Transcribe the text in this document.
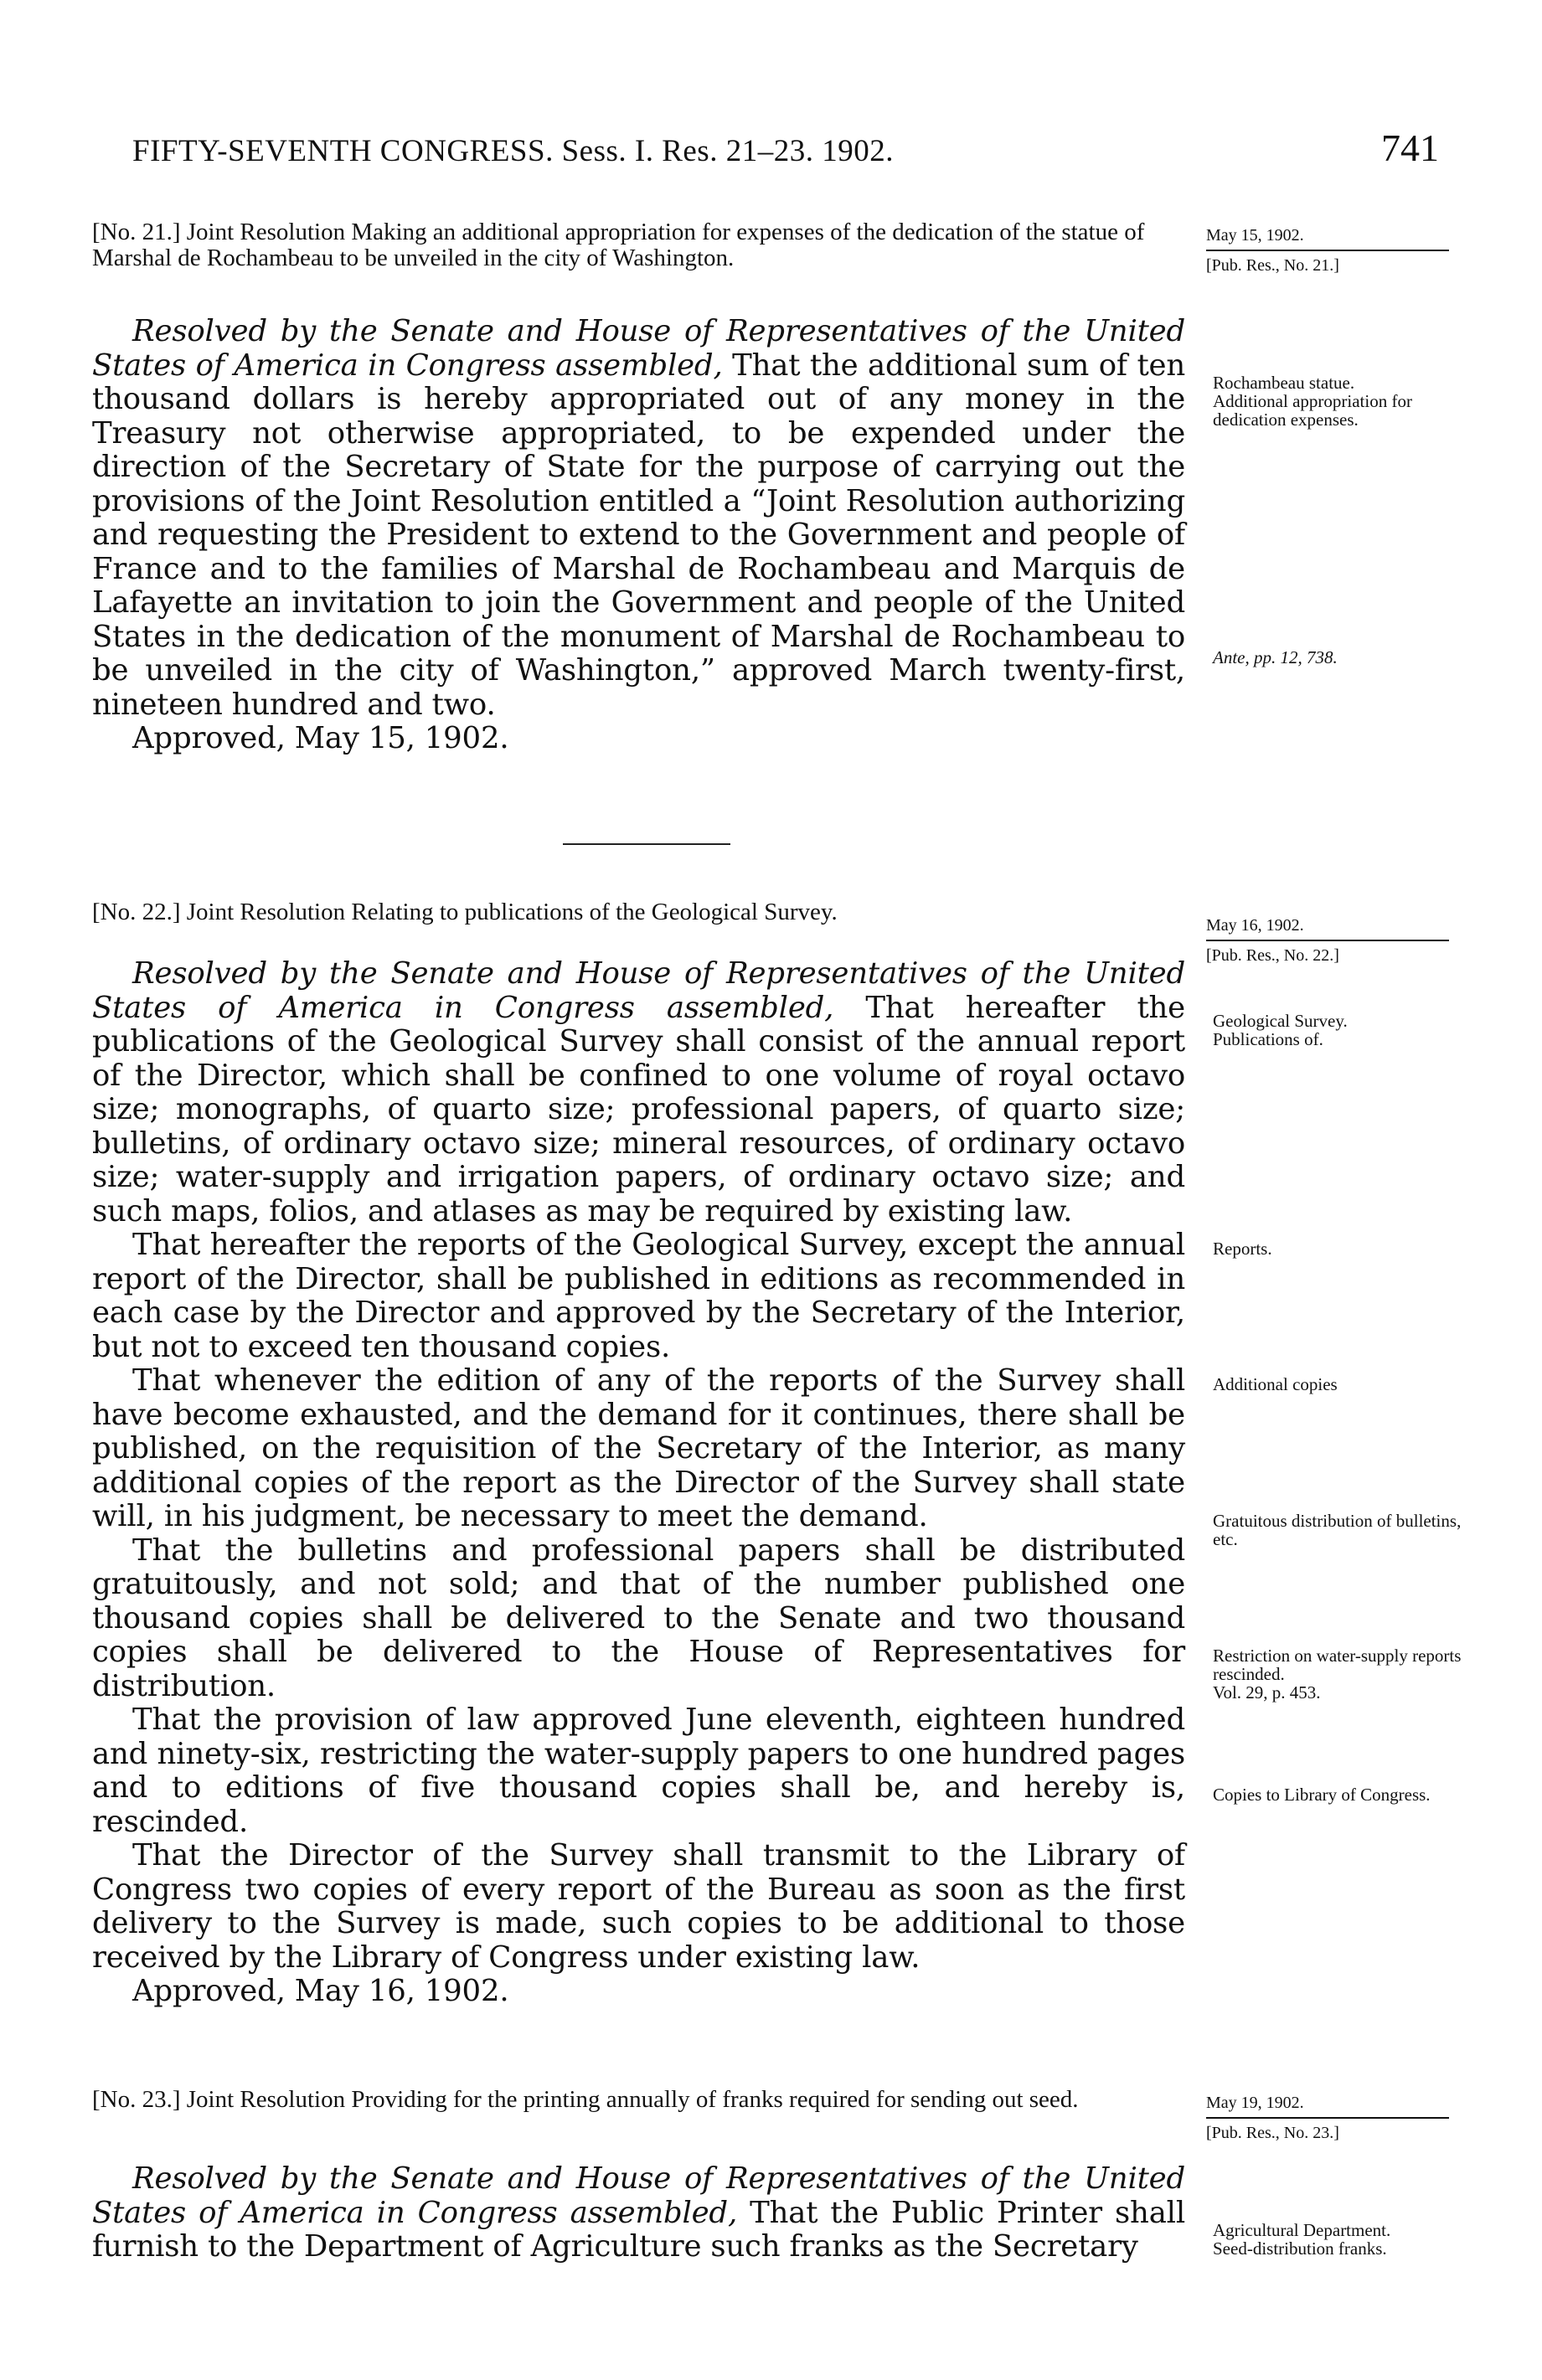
FIFTY-SEVENTH CONGRESS. Sess. I. Res. 21–23. 1902.	741
[No. 21.] Joint Resolution Making an additional appropriation for expenses of the dedication of the statue of Marshal de Rochambeau to be unveiled in the city of Washington.
May 15, 1902.
[Pub. Res., No. 21.]

Resolved by the Senate and House of Representatives of the United States of America in Congress assembled, That the additional sum of ten thousand dollars is hereby appropriated out of any money in the Treasury not otherwise appropriated, to be expended under the direction of the Secretary of State for the purpose of carrying out the provisions of the Joint Resolution entitled a “Joint Resolution authorizing and requesting the President to extend to the Government and people of France and to the families of Marshal de Rochambeau and Marquis de Lafayette an invitation to join the Government and people of the United States in the dedication of the monument of Marshal de Rochambeau to be unveiled in the city of Washington,” approved March twenty-first, nineteen hundred and two.

Approved, May 15, 1902.
Rochambeau statue.
Additional appropriation for dedication expenses.
Ante, pp. 12, 738.
[No. 22.] Joint Resolution Relating to publications of the Geological Survey.	May 16, 1902.
[Pub. Res., No. 22.]

Resolved by the Senate and House of Representatives of the United States of America in Congress assembled, That hereafter the publications of the Geological Survey shall consist of the annual report of the Director, which shall be confined to one volume of royal octavo size; monographs, of quarto size; professional papers, of quarto size; bulletins, of ordinary octavo size; mineral resources, of ordinary octavo size; water-supply and irrigation papers, of ordinary octavo size; and such maps, folios, and atlases as may be required by existing law.

That hereafter the reports of the Geological Survey, except the annual report of the Director, shall be published in editions as recommended in each case by the Director and approved by the Secretary of the Interior, but not to exceed ten thousand copies.

That whenever the edition of any of the reports of the Survey shall have become exhausted, and the demand for it continues, there shall be published, on the requisition of the Secretary of the Interior, as many additional copies of the report as the Director of the Survey shall state will, in his judgment, be necessary to meet the demand.

That the bulletins and professional papers shall be distributed gratuitously, and not sold; and that of the number published one thousand copies shall be delivered to the Senate and two thousand copies shall be delivered to the House of Representatives for distribution.

That the provision of law approved June eleventh, eighteen hundred and ninety-six, restricting the water-supply papers to one hundred pages and to editions of five thousand copies shall be, and hereby is, rescinded.

That the Director of the Survey shall transmit to the Library of Congress two copies of every report of the Bureau as soon as the first delivery to the Survey is made, such copies to be additional to those received by the Library of Congress under existing law.

Approved, May 16, 1902.
Geological Survey.
Publications of.
Reports.
Additional copies
Gratuitous distribution of bulletins, etc.
Restriction on water-supply reports rescinded.
Vol. 29, p. 453.
Copies to Library of Congress.
[No. 23.] Joint Resolution Providing for the printing annually of franks required for sending out seed.	May 19, 1902.
[Pub. Res., No. 23.]

Resolved by the Senate and House of Representatives of the United States of America in Congress assembled, That the Public Printer shall furnish to the Department of Agriculture such franks as the Secretary	Agricultural Department.
Seed-distribution franks.
